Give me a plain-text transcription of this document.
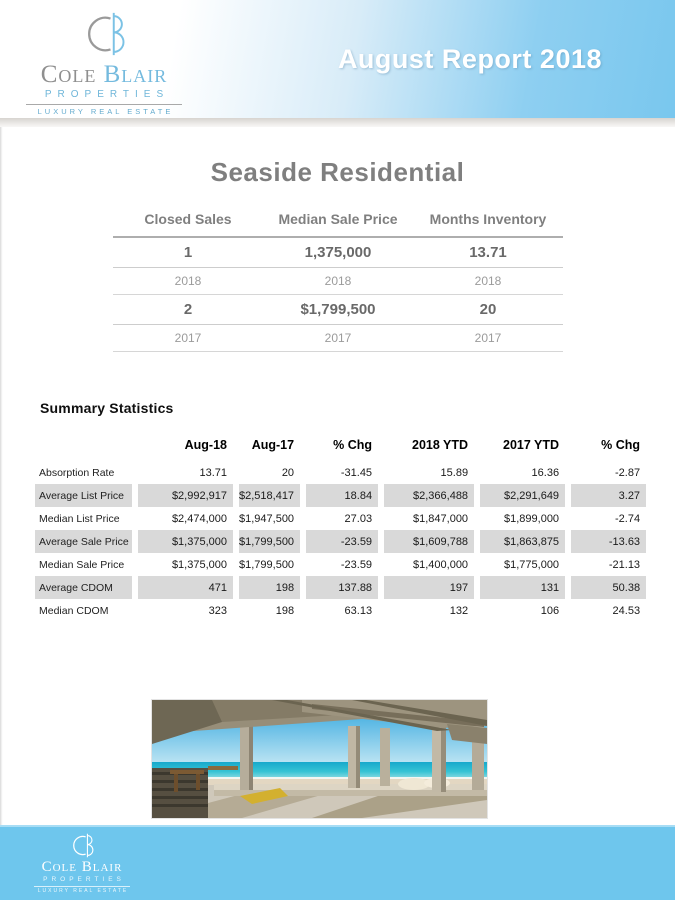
Cole Blair
PROPERTIES
LUXURY REAL ESTATE
August Report 2018
Seaside Residential
Closed Sales	Median Sale Price	Months Inventory
1	1,375,000	13.71
2018	2018	2018
2	$1,799,500	20
2017	2017	2017
Summary Statistics
	Aug-18	Aug-17	% Chg	2018 YTD	2017 YTD	% Chg
Absorption Rate	13.71	20	-31.45	15.89	16.36	-2.87
Average List Price	$2,992,917	$2,518,417	18.84	$2,366,488	$2,291,649	3.27
Median List Price	$2,474,000	$1,947,500	27.03	$1,847,000	$1,899,000	-2.74
Average Sale Price	$1,375,000	$1,799,500	-23.59	$1,609,788	$1,863,875	-13.63
Median Sale Price	$1,375,000	$1,799,500	-23.59	$1,400,000	$1,775,000	-21.13
Average CDOM	471	198	137.88	197	131	50.38
Median CDOM	323	198	63.13	132	106	24.53
Cole Blair
PROPERTIES
LUXURY REAL ESTATE
